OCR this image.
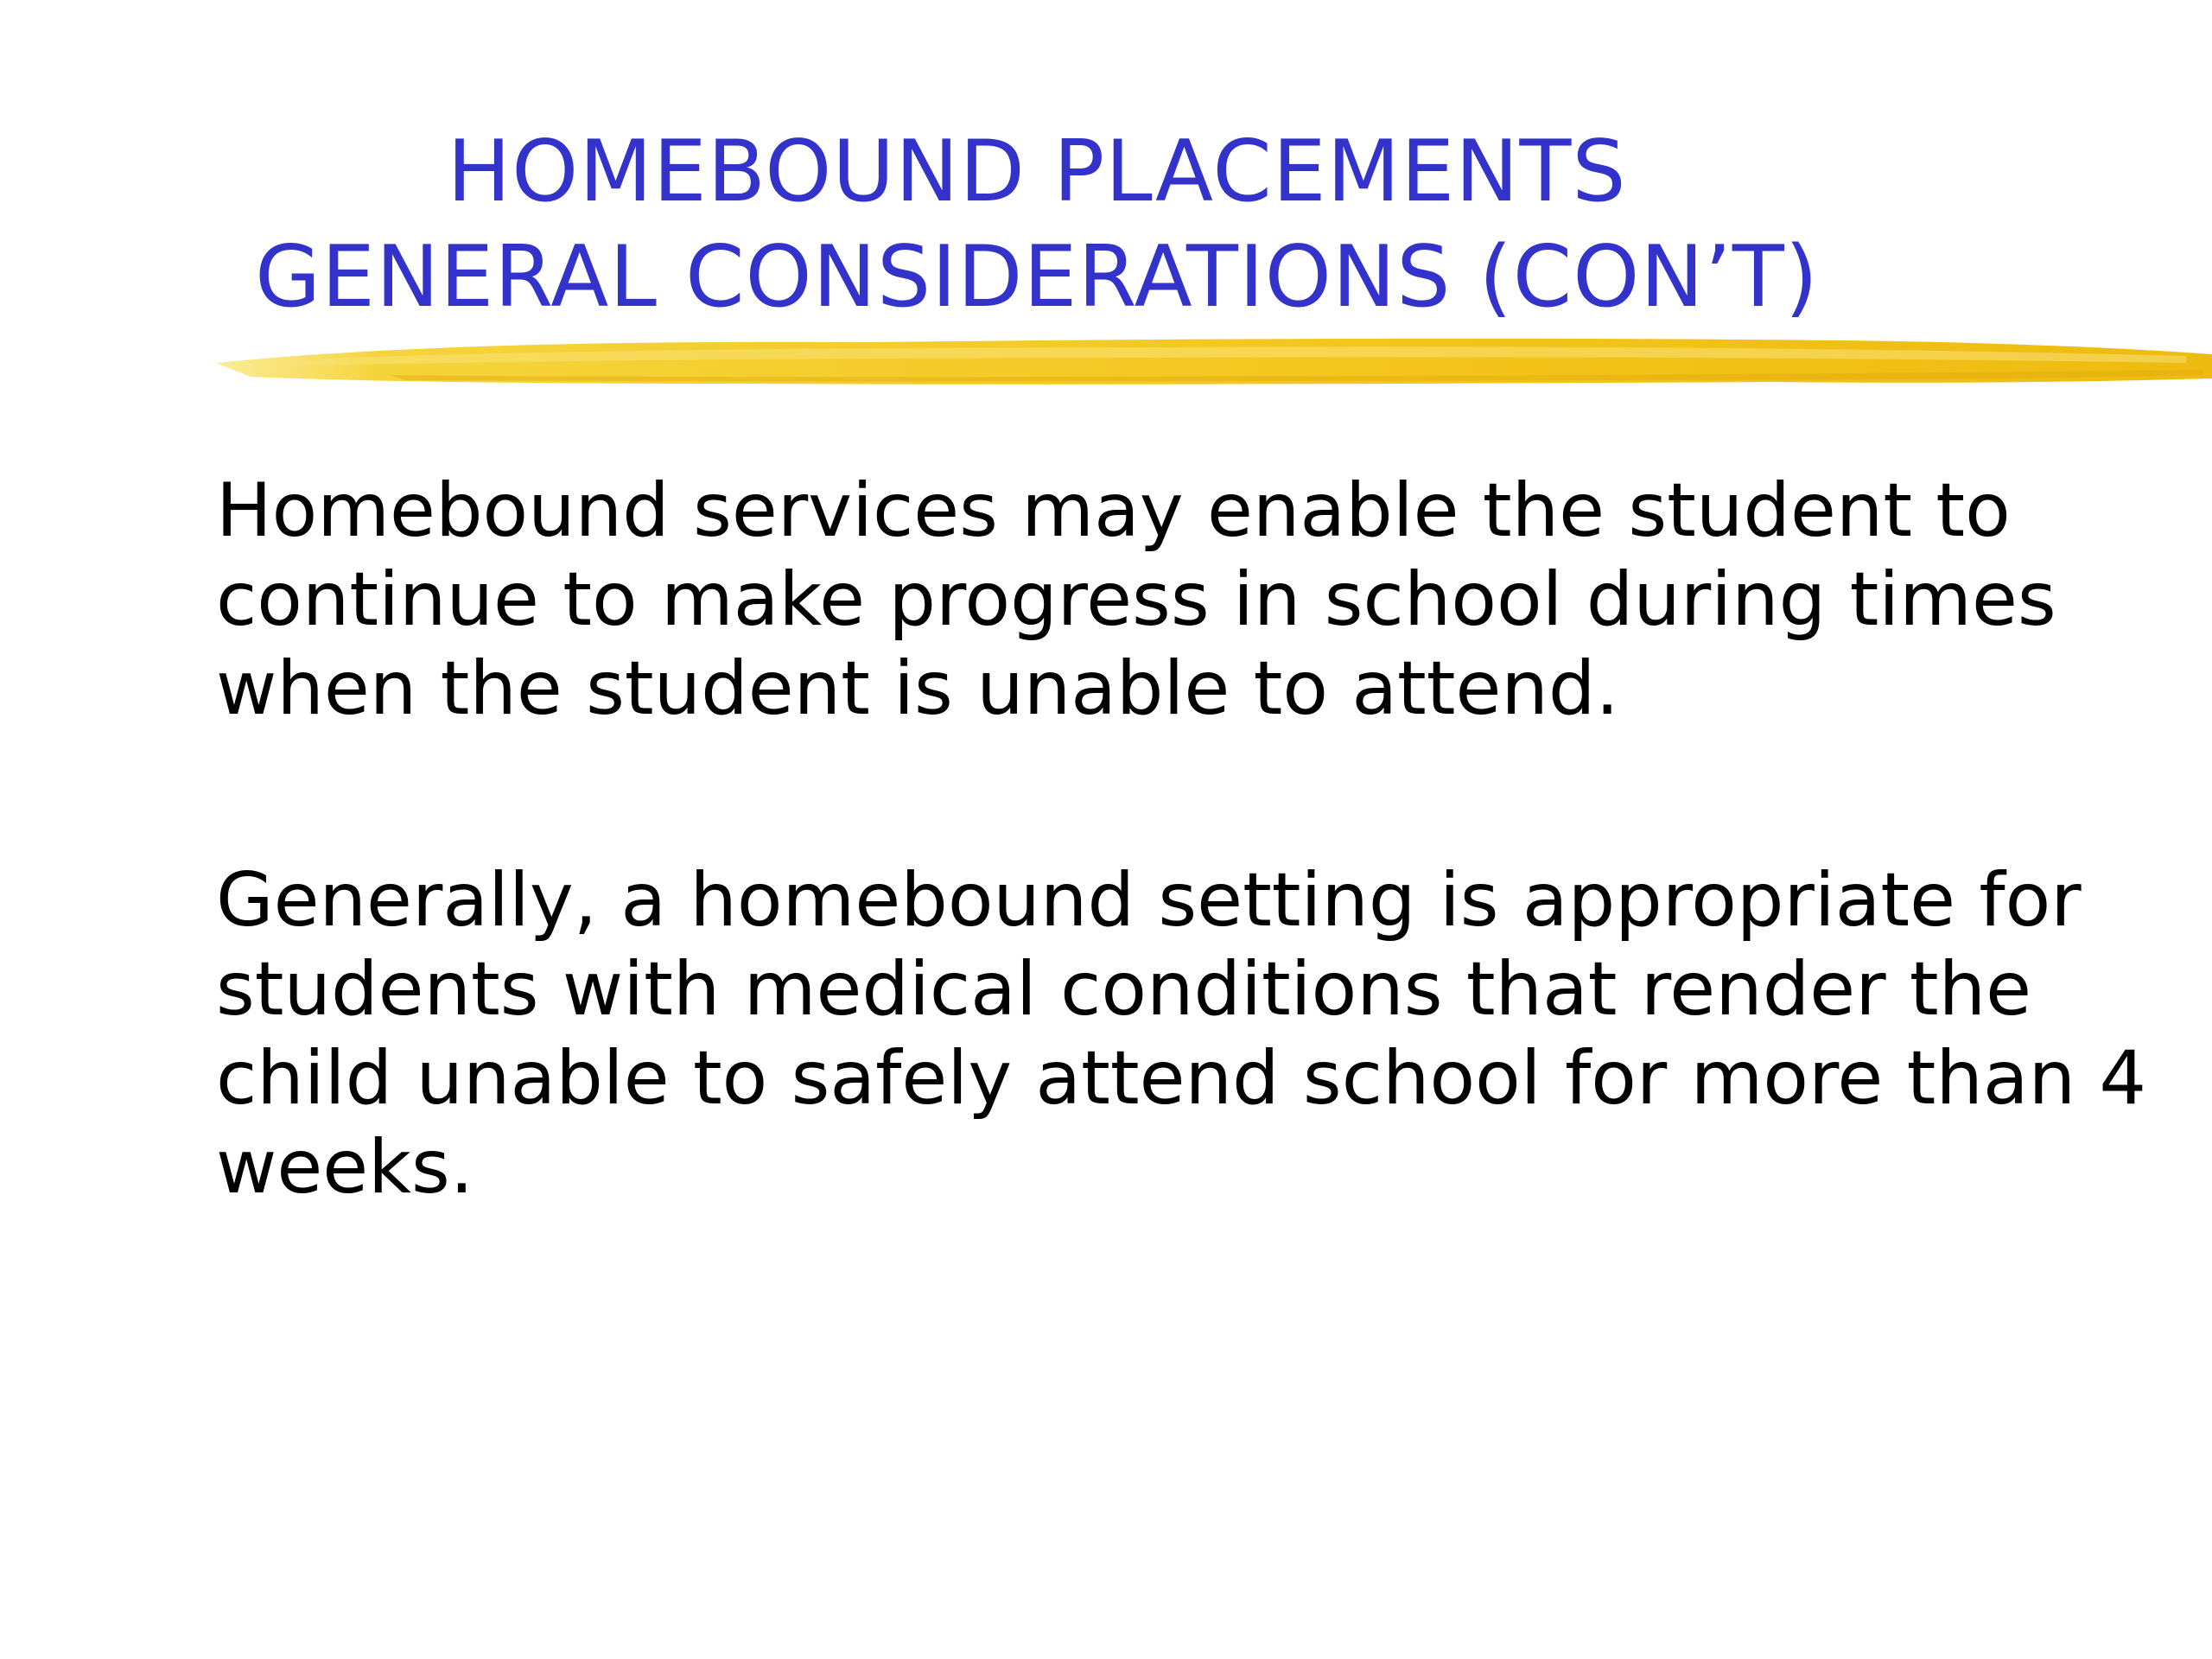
HOMEBOUND PLACEMENTS
GENERAL CONSIDERATIONS (CON’T)

Homebound services may enable the student to continue to make progress in school during times when the student is unable to attend.

Generally, a homebound setting is appropriate for students with medical conditions that render the child unable to safely attend school for more than 4 weeks.
